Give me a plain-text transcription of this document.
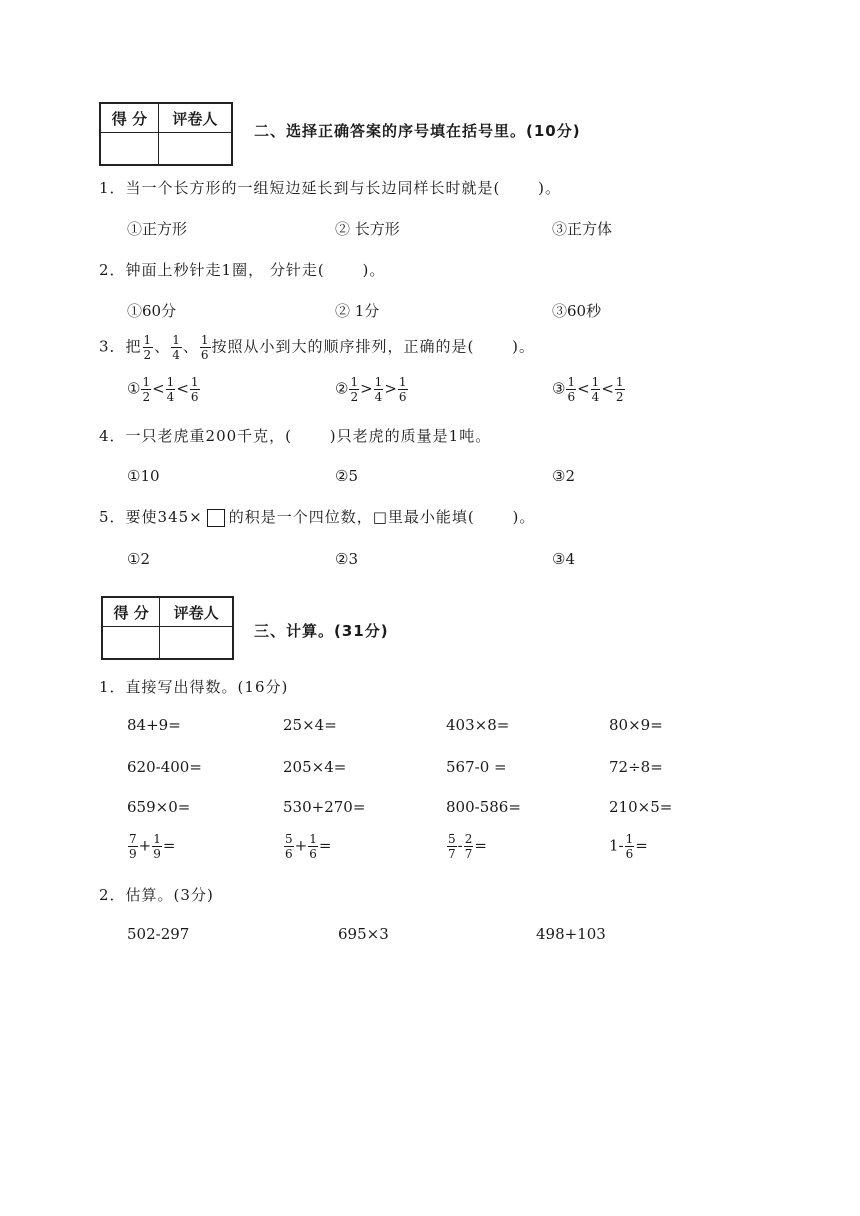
得 分	评卷人

二、选择正确答案的序号填在括号里。(10分)
1．当一个长方形的一组短边延长到与长边同样长时就是(　　 )。
①正方形	② 长方形	③正方体
2．钟面上秒针走1圈， 分针走(　　 )。
①60分	② 1分	③60秒
3．把 $\frac{1}{2}$ 、 $\frac{1}{4}$ 、 $\frac{1}{6}$ 按照从小到大的顺序排列，正确的是(　　 )。
① $\frac{1}{2} < \frac{1}{4} < \frac{1}{6}$	② $\frac{1}{2} > \frac{1}{4} > \frac{1}{6}$	③ $\frac{1}{6} < \frac{1}{4} < \frac{1}{2}$
4．一只老虎重200千克，(　　 )只老虎的质量是1吨。
①10	②5	③2
5．要使345× 的积是一个四位数，□里最小能填(　　 )。
①2	②3	③4
得 分	评卷人

三、计算。(31分)
1．直接写出得数。(16分)
84+9=	25×4=	403×8=	80×9=
620-400=	205×4=	567-0 =	72÷8=
659×0=	530+270=	800-586=	210×5=
$\frac{7}{9} + \frac{1}{9}$ =	$\frac{5}{6} + \frac{1}{6}$ =	$\frac{5}{7} - \frac{2}{7}$ =	$1- \frac{1}{6}$ =
2．估算。(3分)
502-297	695×3	498+103
